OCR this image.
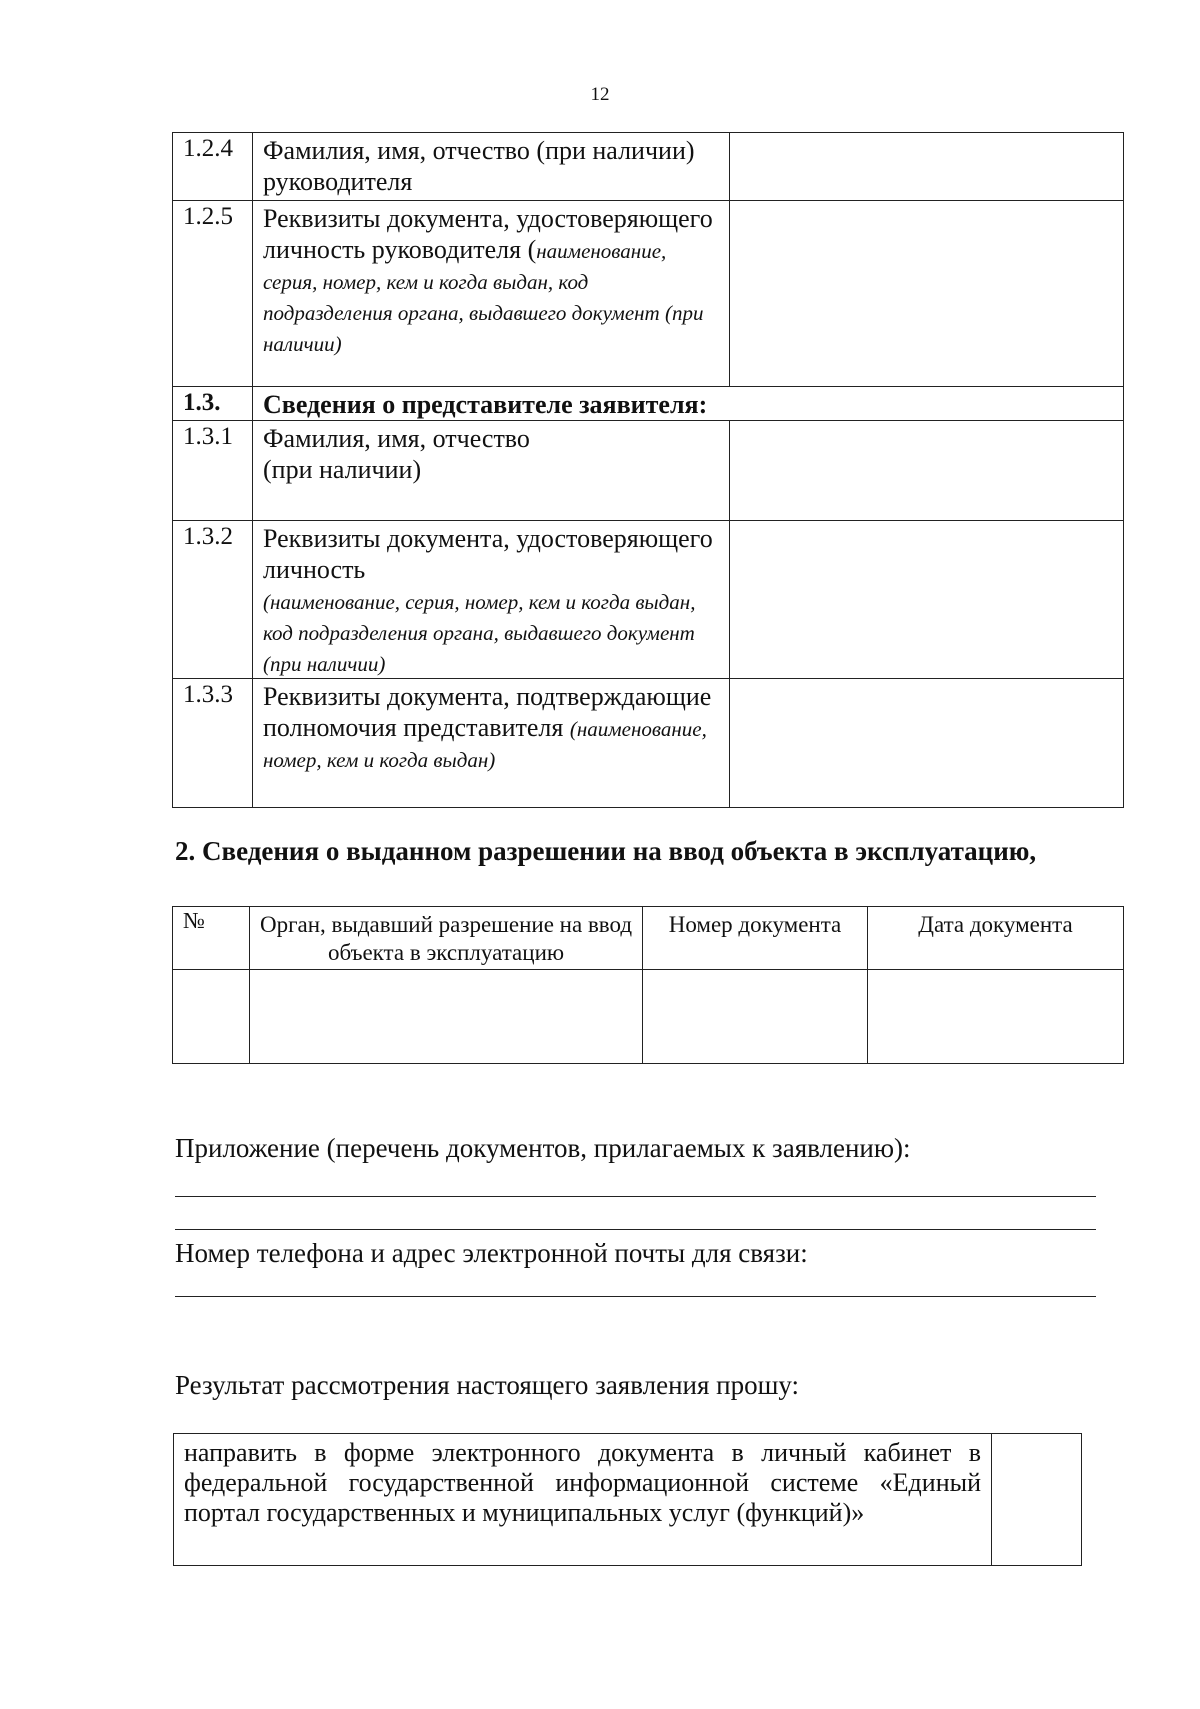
12
1.2.4	Фамилия, имя, отчество (при наличии) руководителя	
1.2.5	Реквизиты документа, удостоверяющего личность руководителя (наименование, серия, номер, кем и когда выдан, код подразделения органа, выдавшего документ (при наличии)	
1.3.	Сведения о представителе заявителя:	
1.3.1	Фамилия, имя, отчество (при наличии)	
1.3.2	Реквизиты документа, удостоверяющего личность
(наименование, серия, номер, кем и когда выдан, код подразделения органа, выдавшего документ (при наличии)	
1.3.3	Реквизиты документа, подтверждающие полномочия представителя (наименование, номер, кем и когда выдан)	
2. Сведения о выданном разрешении на ввод объекта в эксплуатацию,
№	Орган, выдавший разрешение на ввод объекта в эксплуатацию	Номер документа	Дата документа

Приложение (перечень документов, прилагаемых к заявлению):
Номер телефона и адрес электронной почты для связи:
Результат рассмотрения настоящего заявления прошу:
направить в форме электронного документа в личный кабинет в федеральной государственной информационной системе «Единый портал государственных и муниципальных услуг (функций)»	
